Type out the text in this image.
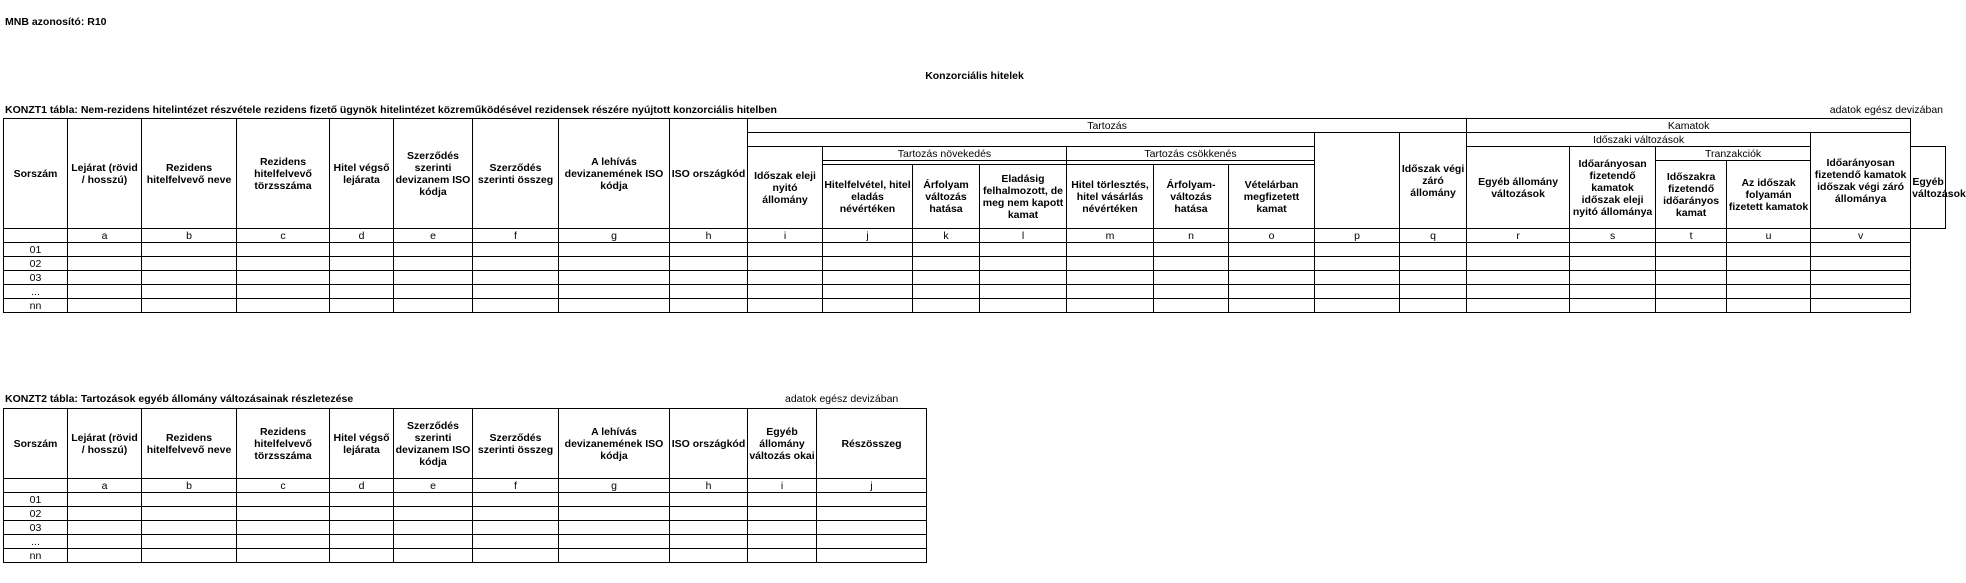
MNB azonosító: R10
Konzorciális hitelek
KONZT1 tábla: Nem-rezidens hitelintézet részvétele rezidens fizető ügynök hitelintézet közreműködésével rezidensek részére nyújtott konzorciális hitelben	adatok egész devizában
Sorszám	Lejárat (rövid / hosszú)	Rezidens hitelfelvevő neve	Rezidens hitelfelvevő törzsszáma	Hitel végső lejárata	Szerződés szerinti devizanem ISO kódja	Szerződés szerinti összeg	A lehívás devizanemének ISO kódja	ISO országkód	Tartozás									Kamatok					
																	Időszak végi záró állomány	Időszaki változások				Időarányosan fizetendő kamatok időszak végi záró állománya	
									Időszak eleji nyitó állomány	Tartozás növekedés			Tartozás csökkenés					Egyéb állomány változások	Időarányosan fizetendő kamatok időszak eleji nyitó állománya	Tranzakciók			Egyéb változások
																				Időszakra fizetendő időarányos kamat	Az időszak folyamán fizetett kamatok		
										Hitelfelvétel, hitel eladás névértéken	Árfolyam változás hatása	Eladásig felhalmozott, de meg nem kapott kamat	Hitel törlesztés, hitel vásárlás névértéken	Árfolyam-változás hatása	Vételárban megfizetett kamat								
	a	b	c	d	e	f	g	h	i	j	k	l	m	n	o	p	q	r	s	t	u	v	
01																							
02																							
03																							
...																							
nn																							
KONZT2 tábla: Tartozások egyéb állomány változásainak részletezése	adatok egész devizában
Sorszám	Lejárat (rövid / hosszú)	Rezidens hitelfelvevő neve	Rezidens hitelfelvevő törzsszáma	Hitel végső lejárata	Szerződés szerinti devizanem ISO kódja	Szerződés szerinti összeg	A lehívás devizanemének ISO kódja	ISO országkód	Egyéb állomány változás okai	Részösszeg
	a	b	c	d	e	f	g	h	i	j
01										
02										
03										
...										
nn										
